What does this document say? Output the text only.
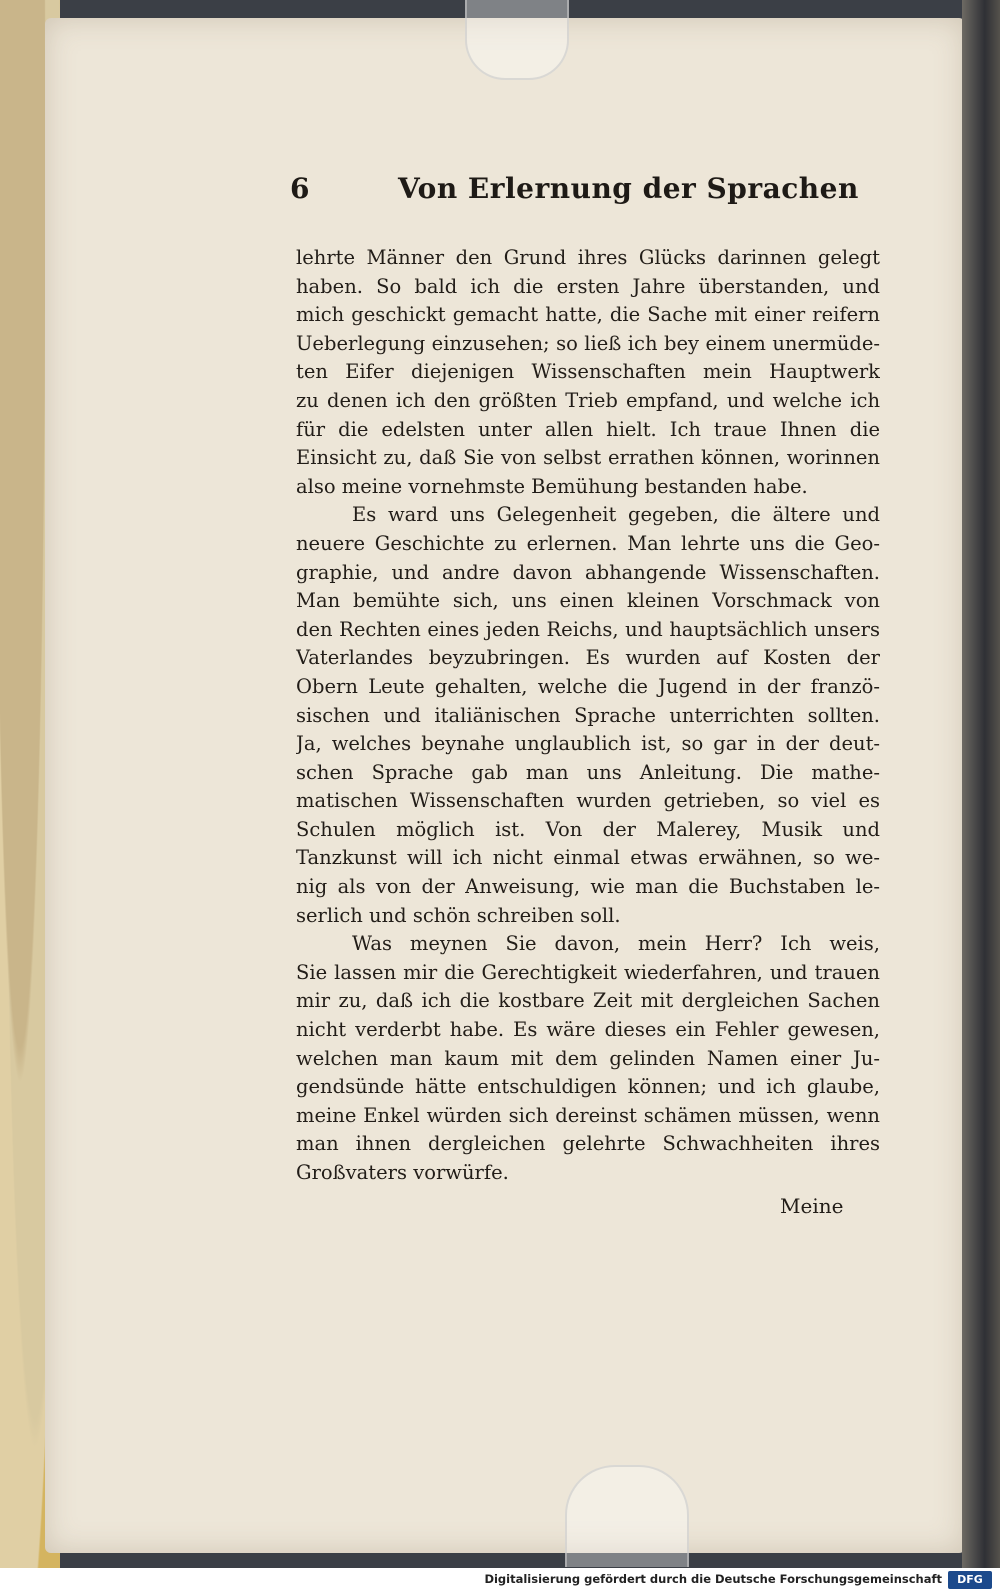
6	Von Erlernung der Sprachen
lehrte Männer den Grund ihres Glücks darinnen gelegt
haben. So bald ich die ersten Jahre überstanden, und
mich geschickt gemacht hatte, die Sache mit einer reifern
Ueberlegung einzusehen; so ließ ich bey einem unermüde-
ten Eifer diejenigen Wissenschaften mein Hauptwerk
zu denen ich den größten Trieb empfand, und welche ich
für die edelsten unter allen hielt. Ich traue Ihnen die
Einsicht zu, daß Sie von selbst errathen können, worinnen
also meine vornehmste Bemühung bestanden habe.
Es ward uns Gelegenheit gegeben, die ältere und
neuere Geschichte zu erlernen. Man lehrte uns die Geo-
graphie, und andre davon abhangende Wissenschaften.
Man bemühte sich, uns einen kleinen Vorschmack von
den Rechten eines jeden Reichs, und hauptsächlich unsers
Vaterlandes beyzubringen. Es wurden auf Kosten der
Obern Leute gehalten, welche die Jugend in der franzö-
sischen und italiänischen Sprache unterrichten sollten.
Ja, welches beynahe unglaublich ist, so gar in der deut-
schen Sprache gab man uns Anleitung. Die mathe-
matischen Wissenschaften wurden getrieben, so viel es
Schulen möglich ist. Von der Malerey, Musik und
Tanzkunst will ich nicht einmal etwas erwähnen, so we-
nig als von der Anweisung, wie man die Buchstaben le-
serlich und schön schreiben soll.
Was meynen Sie davon, mein Herr? Ich weis,
Sie lassen mir die Gerechtigkeit wiederfahren, und trauen
mir zu, daß ich die kostbare Zeit mit dergleichen Sachen
nicht verderbt habe. Es wäre dieses ein Fehler gewesen,
welchen man kaum mit dem gelinden Namen einer Ju-
gendsünde hätte entschuldigen können; und ich glaube,
meine Enkel würden sich dereinst schämen müssen, wenn
man ihnen dergleichen gelehrte Schwachheiten ihres
Großvaters vorwürfe.
Meine
Digitalisierung gefördert durch die Deutsche Forschungsgemeinschaft	DFG
